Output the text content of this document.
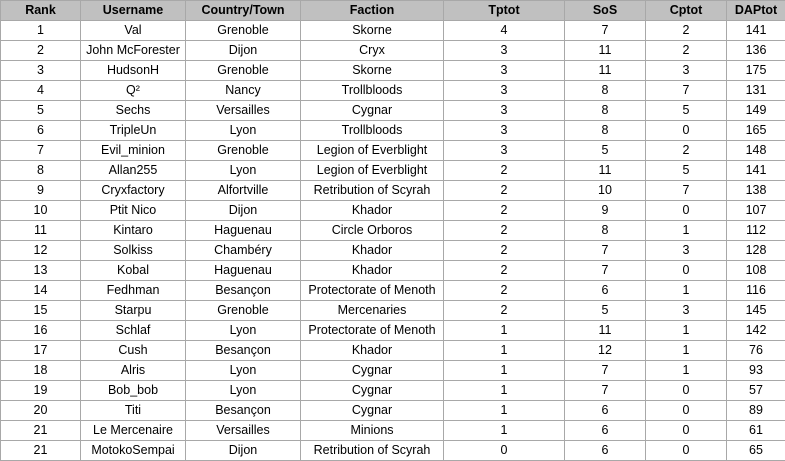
Rank	Username	Country/Town	Faction	Tptot	SoS	Cptot	DAPtot
1	Val	Grenoble	Skorne	4	7	2	141
2	John McForester	Dijon	Cryx	3	11	2	136
3	HudsonH	Grenoble	Skorne	3	11	3	175
4	Q²	Nancy	Trollbloods	3	8	7	131
5	Sechs	Versailles	Cygnar	3	8	5	149
6	TripleUn	Lyon	Trollbloods	3	8	0	165
7	Evil_minion	Grenoble	Legion of Everblight	3	5	2	148
8	Allan255	Lyon	Legion of Everblight	2	11	5	141
9	Cryxfactory	Alfortville	Retribution of Scyrah	2	10	7	138
10	Ptit Nico	Dijon	Khador	2	9	0	107
11	Kintaro	Haguenau	Circle Orboros	2	8	1	112
12	Solkiss	Chambéry	Khador	2	7	3	128
13	Kobal	Haguenau	Khador	2	7	0	108
14	Fedhman	Besançon	Protectorate of Menoth	2	6	1	116
15	Starpu	Grenoble	Mercenaries	2	5	3	145
16	Schlaf	Lyon	Protectorate of Menoth	1	11	1	142
17	Cush	Besançon	Khador	1	12	1	76
18	Alris	Lyon	Cygnar	1	7	1	93
19	Bob_bob	Lyon	Cygnar	1	7	0	57
20	Titi	Besançon	Cygnar	1	6	0	89
21	Le Mercenaire	Versailles	Minions	1	6	0	61
21	MotokoSempai	Dijon	Retribution of Scyrah	0	6	0	65
